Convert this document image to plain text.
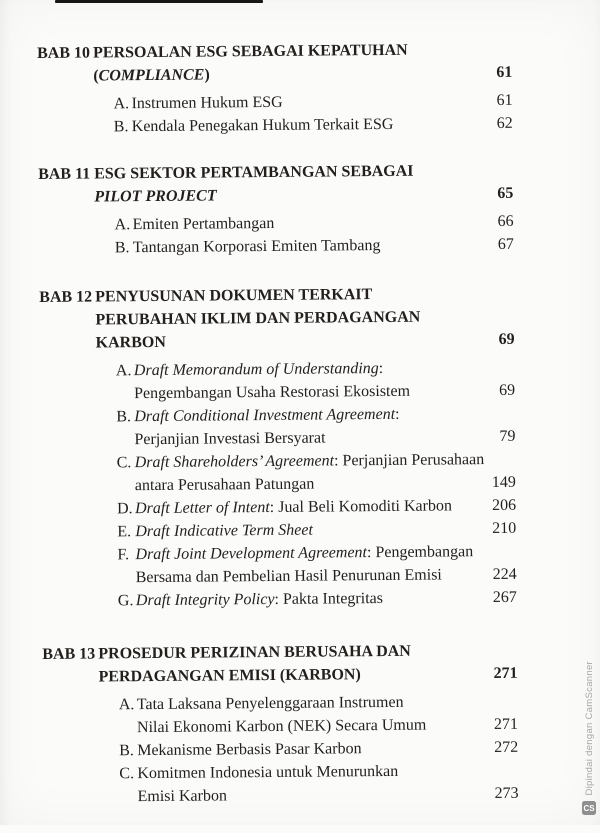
BAB 10 PERSOALAN ESG SEBAGAI KEPATUHAN
(COMPLIANCE)	61
A. Instrumen Hukum ESG	61
B. Kendala Penegakan Hukum Terkait ESG	62
BAB 11 ESG SEKTOR PERTAMBANGAN SEBAGAI
PILOT PROJECT	65
A. Emiten Pertambangan	66
B. Tantangan Korporasi Emiten Tambang	67
BAB 12 PENYUSUNAN DOKUMEN TERKAIT
PERUBAHAN IKLIM DAN PERDAGANGAN
KARBON	69
A. Draft Memorandum of Understanding:
Pengembangan Usaha Restorasi Ekosistem	69
B. Draft Conditional Investment Agreement:
Perjanjian Investasi Bersyarat	79
C. Draft Shareholders’ Agreement: Perjanjian Perusahaan
antara Perusahaan Patungan	149
D. Draft Letter of Intent: Jual Beli Komoditi Karbon	206
E. Draft Indicative Term Sheet	210
F. Draft Joint Development Agreement: Pengembangan
Bersama dan Pembelian Hasil Penurunan Emisi	224
G. Draft Integrity Policy: Pakta Integritas	267
BAB 13 PROSEDUR PERIZINAN BERUSAHA DAN
PERDAGANGAN EMISI (KARBON)	271
A. Tata Laksana Penyelenggaraan Instrumen
Nilai Ekonomi Karbon (NEK) Secara Umum	271
B. Mekanisme Berbasis Pasar Karbon	272
C. Komitmen Indonesia untuk Menurunkan
Emisi Karbon	273	Dipindai dengan CamScanner
CS
